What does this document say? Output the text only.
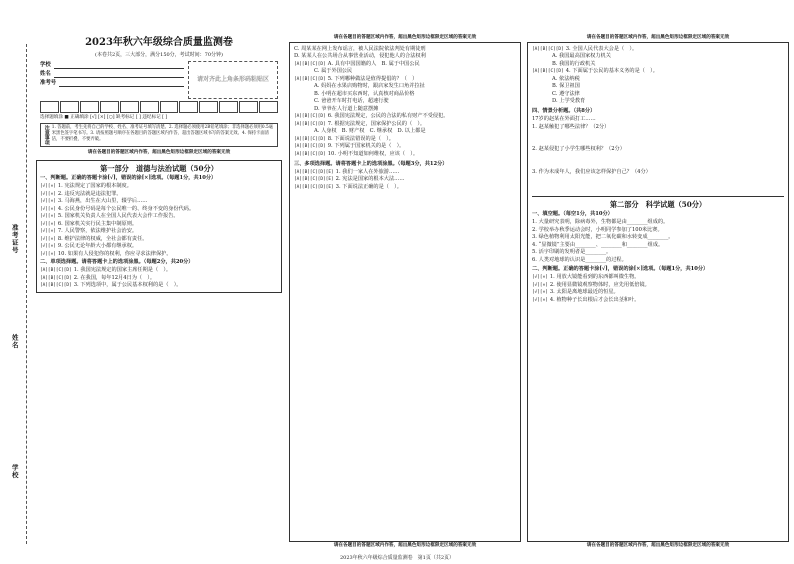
准考证号
姓名
学校
2023年秋六年级综合质量监测卷
(本卷共2页，三大部分，满分150分，考试时间：70分钟)
学校
姓名
准考号	请对齐此上角条形码粘贴区
选择题填涂 ■ 正确填涂 [√] [×] [○] 缺考标记 [ ] 违纪标记 [ ]
注意事项 1. 答题前，考生先将自己的学校、姓名、准考证号填写清楚。2. 选择题必须使用2B铅笔填涂；非选择题必须用0.5毫米黑色签字笔书写。3. 请按照题号顺序在各题目的答题区域内作答，超出答题区域书写的答案无效。4. 保持卡面清洁，不要折叠，不要弄破。
请在各题目的答题区域内作答，超出黑色矩形边框限定区域的答案无效
第一部分　道德与法治试题（50分）
一、判断题。正确的答题卡涂[√]，错误的涂[×]选项。（每题1分，共10分）
[√][×] 1. 宪法规定了国家的根本制度。
[√][×] 2. 违反宪法就是违法犯罪。
[√][×] 3. 马海燕，出生在大山里，辍学后……
[√][×] 4. 公民身份号码是每个公民唯一的、终身不变的身份代码。
[√][×] 5. 国家机关负责人在全国人民代表大会作工作报告。
[√][×] 6. 国家机关实行民主集中制原则。
[√][×] 7. 人民警察，依法维护社会治安。
[√][×] 8. 维护法律的权威，全社会都有责任。
[√][×] 9. 公民无论年龄大小都有继承权。
[√][×] 10. 如果有人侵犯你的权利，你应寻求法律保护。
二、单项选择题。请将答题卡上的选项涂黑。（每题2分，共20分）
[A][B][C][D] 1. 我国宪法规定的国家主席任期是（　）。
[A][B][C][D] 2. 在我国，每年12月4日为（　）。
[A][B][C][D] 3. 下列选项中，属于公民基本权利的是（　）。
请在各题目的答题区域内作答，超出黑色矩形边框限定区域的答案无效
C. 周某某在网上发布谣言，被人民法院依法判处有期徒刑
D. 某某人在公共场合从事营业活动，侵犯他人的合法权利
[A][B][C][D] A. 具有中国国籍的人　B. 属于中国公民
C. 属于外国公民
[A][B][C][D] 5. 下列哪种做法是值得提倡的？（　）
A. 妈妈在水果店购物时，跟店家发生口角并拉扯
B. 小明在超市买东西时，认真核对商品价格
C. 爸爸开车时打电话，超速行驶
D. 爷爷在人行道上随意摆摊
[A][B][C][D] 6. 我国宪法规定，公民的合法的私有财产不受侵犯。
[A][B][C][D] 7. 根据宪法规定，国家保护公民的（　）。
A. 人身权　B. 财产权　C. 继承权　D. 以上都是
[A][B][C][D] 8. 下面说法错误的是（　）。
[A][B][C][D] 9. 下列属于国家机关的是（　）。
[A][B][C][D] 10. 小明不知道如何维权，应该（　）。
三、多项选择题。请将答题卡上的选项涂黑。（每题3分，共12分）
[A][B][C][D][E] 1. 我们一家人在外旅游……
[A][B][C][D][E] 2. 宪法是国家的根本大法……
[A][B][C][D][E] 3. 下面说法正确的是（　）。
请在各题目的答题区域内作答，超出黑色矩形边框限定区域的答案无效
请在各题目的答题区域内作答，超出黑色矩形边框限定区域的答案无效
[A][B][C][D] 3. 全国人民代表大会是（　）。
A. 我国最高国家权力机关
B. 我国的行政机关
[A][B][C][D] 4. 下面属于公民的基本义务的是（　）。
A. 依法纳税
B. 保卫祖国
C. 遵守法律
D. 上学受教育
四、情景分析题。（共8分）
17岁的赵某在外面打工……
1. 赵某触犯了哪些法律？（2分）
2. 赵某侵犯了小学生哪些权利？（2分）
3. 作为未成年人，我们应该怎样保护自己？（4分）
第二部分　科学试题（50分）
一、填空题。（每空1分，共10分）
1. 大量研究表明，除病毒外，生物都是由________组成的。
2. 学校举办秋季运动会时，小明同学参加了100米比赛。
3. 绿色植物利用太阳光能，把二氧化碳和水转变成________。
4. “显微镜”主要由________、________和________组成。
5. 活字印刷的发明者是________。
6. 人类对地球的认识是________的过程。
二、判断题。正确的答题卡涂[√]，错误的涂[×]选项。（每题1分，共10分）
[√][×] 1. 用放大镜能看到的东西都叫微生物。
[√][×] 2. 使用显微镜观察物体时，应先用低倍镜。
[√][×] 3. 太阳是离地球最近的恒星。
[√][×] 4. 植物种子长出根后才会长出茎和叶。
请在各题目的答题区域内作答，超出黑色矩形边框限定区域的答案无效
2023年秋六年级综合质量监测卷　第1页（共2页）
